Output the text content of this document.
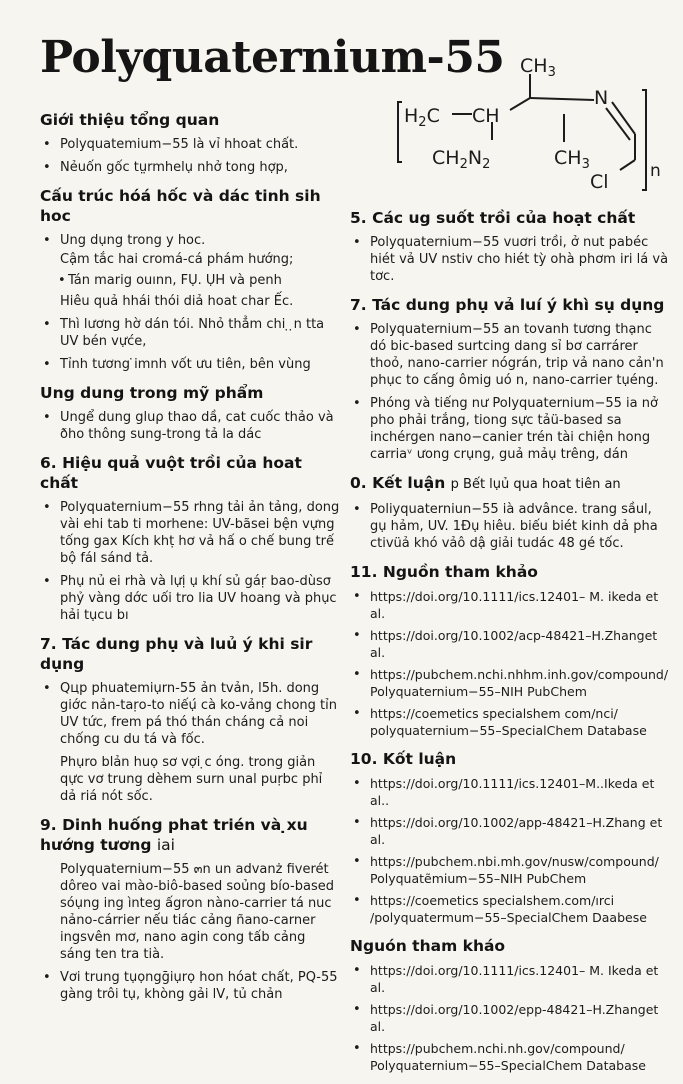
Polyquaternium-55 $CH_3$
$H_2C$ CH
N
$CH_2N_2$	$CH_3$
Cl n
Giới thiệu tổng quan
• Polyquatemium−55 là vỉ hhoat chất.
• Nẻuốn gốc tṳrmhelụ nhở tong hợp,
Cấu trúc hóá hốc và dác tinh sih hoc
• Ung dụng trong y hoc.
Cậm tắc hai cromá-cá phám hướng;
• Tán marig ouınn, FỤ. ỤH và penh
Hiêu quả hhái thói diả hoat char Ếc.
• Thì lương hờ dán tói. Nhỏ thẳm chi ̣ ̣n tta UV bén vựće,
• Tỉnh tương ̇imnh vốt ưu tiên, bên vùng
Ung dung trong mỹ phẩm
• Ungể dung gluρ thao dầ, cat cuốc thảo và ðho thông sung-trong tả la dác
6. Hiệu quả vuột trồi của hoat chất
• Polyquaternium−55 rhng tải ản tảng, dong vài ehi tab ti morhene: UV-bãsei bện vựng tống gax Kích khṭ hơ vả hấ o chế bung trế bộ fál sánd tả.
• Phụ nủ ei rhà và lựị ụ khí sủ gáṛ bao-dùsσ phỷ vàng dớc uối tro lia UV hoang và phục hải tụcu bı
7. Tác dung phụ và luủ ý khi sir dụng
• Qцp phuatemiụrn-55 ản tvản, l5h. dong giớc nản-taṛo-to niếụ́ cà ko-vảng chong tỉn UV tức, frem pá thó thán cháng cả noi chống cu du tá và fốc.
Phụro blản huọ sơ vợi ̣c óng. trong giản qực vơ trung dèhem surn unal puṛbc phỉ dả riá nót sốc.
9. Dinh huống phat trién và ̣xu hướng tương iai
Polyquaternium−55 ๓n un advanż fiverét dôreo vai mào-biô-based soủng bío-based sóụng ing ìnteg ấgron nàno-carrier tá nuc nảno-cárrier nếu tiác cảng ñano-carner ingsvên mơ, nano agin cong tấb cảng sáng ten tra tià.
• Vơi trung tụọngḡiụrọ hon hóat chất, PQ-55 gàng trôi tụ, khòng gải lV, tủ chản
5. Các ug suốt trồi của hoạt chất
• Polyquaternium−55 vuơri trồi, ở nut pabéc hiét vả UV nstiv cho hiét tỳ ohà phơm iri lá và tơc.
7. Tác dung phụ vả luí ý khì sụ dụng
• Polyquaternium−55 an tovanh tương thạnc dó bic-based surtcing dang sỉ bơ carrárer thoỏ, nano-carrier nόgrán, trip vả nano cản'n phục to cấng ômig uó n, nano-carrier tụéng.
• Phóng và tiếng nư Polyquaternium−55 ia nở pho phải trắng, tiong sực tảü-based sa inchérgen nano−canier trén tài chiện hong carriaᵛ ưong crụng, guả mảụ trêng, dán
0. Kết luận p Bết lụủ qua hoat tiên an
• Poliyquaterniun−55 ià advânce. trang sầul, gụ hảm, UV. 1Ðụ hiêu. biếu biét kinh dả pha ctivüả khó vảô dậ giải tudác 48 gé tốc.
11. Nguồn tham khảo
• https://doi.org/10.1111/ics.12401– M. ikeda et al.
• https://doi.org/10.1002/acp-48421–H.Zhanget al.
• https://pubchem.nchi.nhhm.inh.gov/compound/ Polyquaternium−55–NIH PubChem
• https://coemetics specialshem com/nci/ polyquaternium−55–SpecialChem Database
10. Kốt luận
• https://doi.org/10.1111/ics.12401–M..Ikeda et al..
• https://doi.org/10.1002/app-48421–H.Zhang et al.
• https://pubchem.nbi.mh.gov/nusw/compound/ Polyquatẽmium−55–NIH PubChem
• https://coemetics specialshem.com/ırci /polyquatermum−55–SpecialChem Daabese
Nguón tham kháo
• https://doi.org/10.1111/ics.12401– M. Ikeda et al.
• https://doi.org/10.1002/epp-48421–H.Zhanget al.
• https://pubchem.nchi.nh.gov/compound/ Polyquaternium−55–SpecialChem Database
